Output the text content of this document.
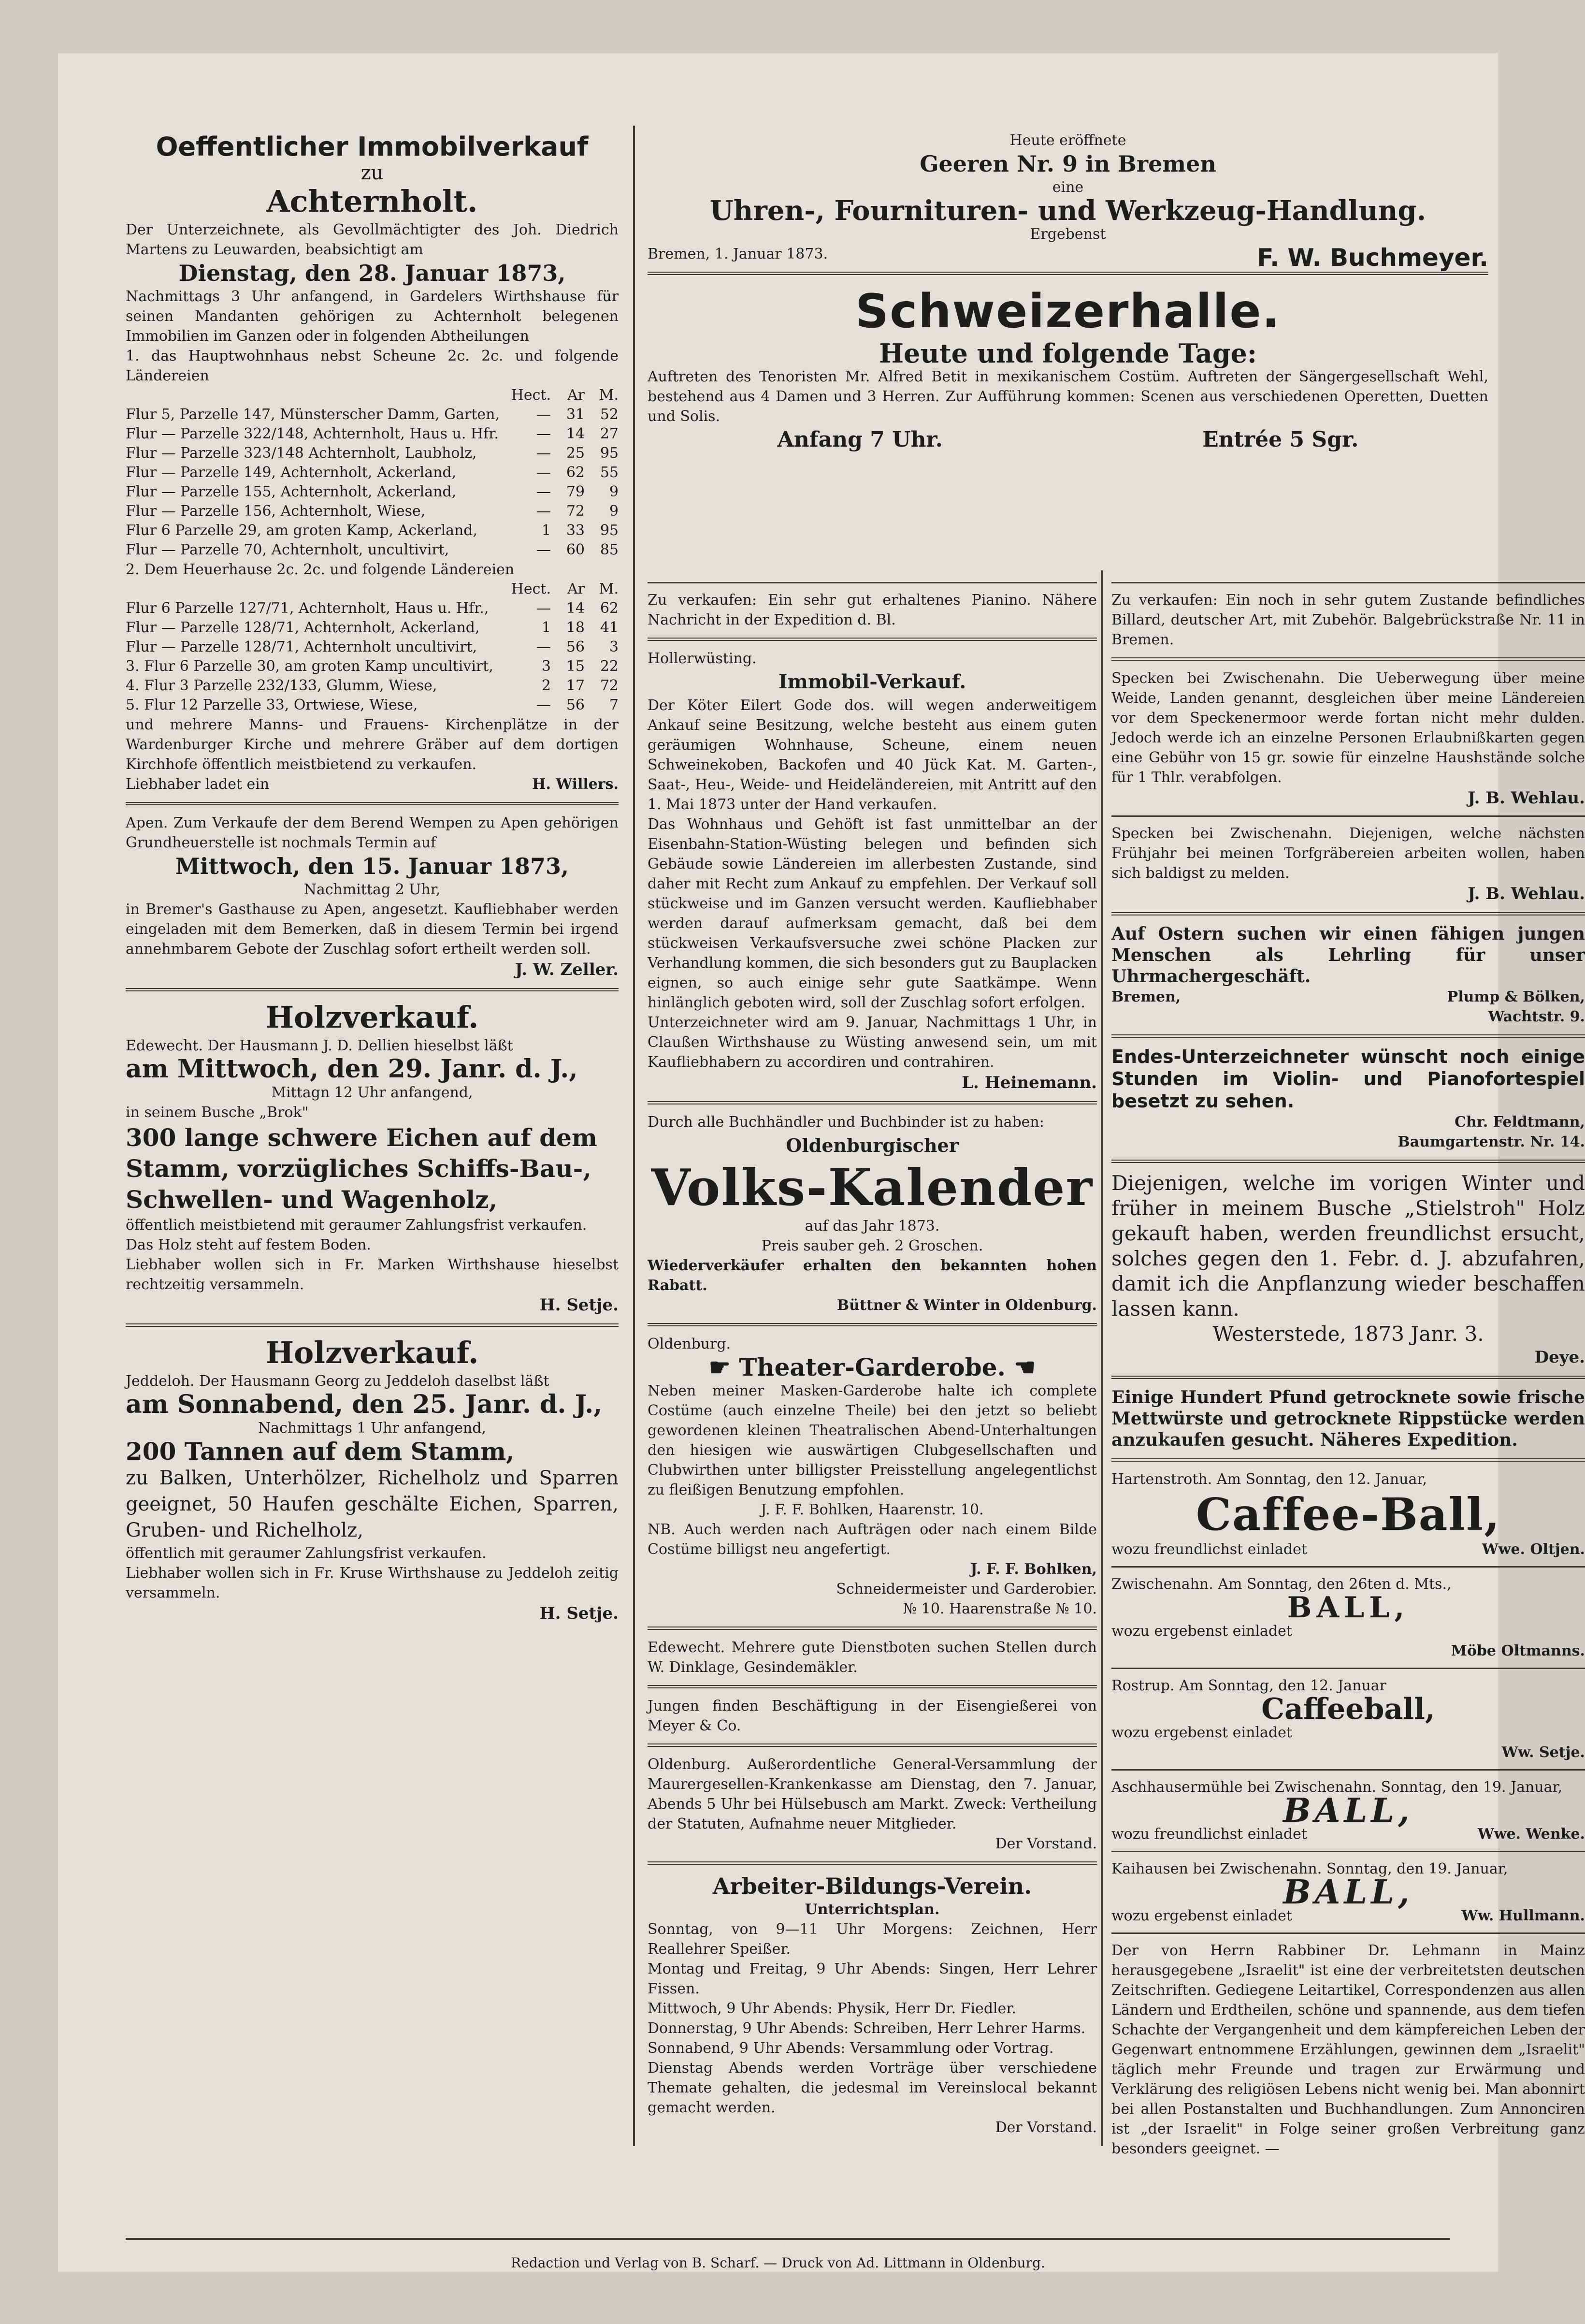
Oeffentlicher Immobilverkauf

zu

Achternholt.

Der Unterzeichnete, als Gevollmächtigter des Joh. Diedrich Martens zu Leuwarden, beabsichtigt am

Dienstag, den 28. Januar 1873,

Nachmittags 3 Uhr anfangend, in Gardelers Wirthshause für seinen Mandanten gehörigen zu Achternholt belegenen Immobilien im Ganzen oder in folgenden Abtheilungen

1. das Hauptwohnhaus nebst Scheune 2c. 2c. und folgende Ländereien

	Hect.	Ar	M.
Flur 5, Parzelle 147, Münsterscher Damm, Garten,	—	31	52
Flur — Parzelle 322/148, Achternholt, Haus u. Hfr.	—	14	27
Flur — Parzelle 323/148 Achternholt, Laubholz,	—	25	95
Flur — Parzelle 149, Achternholt, Ackerland,	—	62	55
Flur — Parzelle 155, Achternholt, Ackerland,	—	79	9
Flur — Parzelle 156, Achternholt, Wiese,	—	72	9
Flur 6 Parzelle 29, am groten Kamp, Ackerland,	1	33	95
Flur — Parzelle 70, Achternholt, uncultivirt,	—	60	85

2. Dem Heuerhause 2c. 2c. und folgende Ländereien

	Hect.	Ar	M.
Flur 6 Parzelle 127/71, Achternholt, Haus u. Hfr.,	—	14	62
Flur — Parzelle 128/71, Achternholt, Ackerland,	1	18	41
Flur — Parzelle 128/71, Achternholt uncultivirt,	—	56	3
3. Flur 6 Parzelle 30, am groten Kamp uncultivirt,	3	15	22
4. Flur 3 Parzelle 232/133, Glumm, Wiese,	2	17	72
5. Flur 12 Parzelle 33, Ortwiese, Wiese,	—	56	7

und mehrere Manns- und Frauens- Kirchenplätze in der Wardenburger Kirche und mehrere Gräber auf dem dortigen Kirchhofe öffentlich meistbietend zu verkaufen.

Liebhaber ladet ein	H. Willers.

Apen. Zum Verkaufe der dem Berend Wempen zu Apen gehörigen Grundheuerstelle ist nochmals Termin auf

Mittwoch, den 15. Januar 1873,

Nachmittag 2 Uhr,

in Bremer's Gasthause zu Apen, angesetzt. Kaufliebhaber werden eingeladen mit dem Bemerken, daß in diesem Termin bei irgend annehmbarem Gebote der Zuschlag sofort ertheilt werden soll.

J. W. Zeller.

Holzverkauf.

Edewecht. Der Hausmann J. D. Dellien hieselbst läßt

am Mittwoch, den 29. Janr. d. J.,

Mittagn 12 Uhr anfangend,

in seinem Busche „Brok"

300 lange schwere Eichen auf dem Stamm, vorzügliches Schiffs-Bau-, Schwellen- und Wagenholz,

öffentlich meistbietend mit geraumer Zahlungsfrist verkaufen.

Das Holz steht auf festem Boden.

Liebhaber wollen sich in Fr. Marken Wirthshause hieselbst rechtzeitig versammeln.

H. Setje.

Holzverkauf.

Jeddeloh. Der Hausmann Georg zu Jeddeloh daselbst läßt

am Sonnabend, den 25. Janr. d. J.,

Nachmittags 1 Uhr anfangend,

200 Tannen auf dem Stamm,

zu Balken, Unterhölzer, Richelholz und Sparren geeignet, 50 Haufen geschälte Eichen, Sparren, Gruben- und Richelholz,

öffentlich mit geraumer Zahlungsfrist verkaufen.

Liebhaber wollen sich in Fr. Kruse Wirthshause zu Jeddeloh zeitig versammeln.

H. Setje.

Heute eröffnete

Geeren Nr. 9 in Bremen

eine

Uhren-, Fournituren- und Werkzeug-Handlung.

Ergebenst

Bremen, 1. Januar 1873.	F. W. Buchmeyer.

Schweizerhalle.

Heute und folgende Tage:

Auftreten des Tenoristen Mr. Alfred Betit in mexikanischem Costüm. Auftreten der Sängergesellschaft Wehl, bestehend aus 4 Damen und 3 Herren. Zur Aufführung kommen: Scenen aus verschiedenen Operetten, Duetten und Solis.

Anfang 7 Uhr.	Entrée 5 Sgr.

Zu verkaufen: Ein sehr gut erhaltenes Pianino. Nähere Nachricht in der Expedition d. Bl.

Hollerwüsting.

Immobil-Verkauf.

Der Köter Eilert Gode dos. will wegen anderweitigem Ankauf seine Besitzung, welche besteht aus einem guten geräumigen Wohnhause, Scheune, einem neuen Schweinekoben, Backofen und 40 Jück Kat. M. Garten-, Saat-, Heu-, Weide- und Heideländereien, mit Antritt auf den 1. Mai 1873 unter der Hand verkaufen.

Das Wohnhaus und Gehöft ist fast unmittelbar an der Eisenbahn-Station-Wüsting belegen und befinden sich Gebäude sowie Ländereien im allerbesten Zustande, sind daher mit Recht zum Ankauf zu empfehlen. Der Verkauf soll stückweise und im Ganzen versucht werden. Kaufliebhaber werden darauf aufmerksam gemacht, daß bei dem stückweisen Verkaufsversuche zwei schöne Placken zur Verhandlung kommen, die sich besonders gut zu Bauplacken eignen, so auch einige sehr gute Saatkämpe. Wenn hinlänglich geboten wird, soll der Zuschlag sofort erfolgen.

Unterzeichneter wird am 9. Januar, Nachmittags 1 Uhr, in Claußen Wirthshause zu Wüsting anwesend sein, um mit Kaufliebhabern zu accordiren und contrahiren.

L. Heinemann.

Durch alle Buchhändler und Buchbinder ist zu haben:

Oldenburgischer

Volks-Kalender

auf das Jahr 1873.

Preis sauber geh. 2 Groschen.

Wiederverkäufer erhalten den bekannten hohen Rabatt.

Büttner & Winter in Oldenburg.

Oldenburg.

☛ Theater-Garderobe. ☚

Neben meiner Masken-Garderobe halte ich complete Costüme (auch einzelne Theile) bei den jetzt so beliebt gewordenen kleinen Theatralischen Abend-Unterhaltungen den hiesigen wie auswärtigen Clubgesellschaften und Clubwirthen unter billigster Preisstellung angelegentlichst zu fleißigen Benutzung empfohlen.

J. F. F. Bohlken, Haarenstr. 10.

NB. Auch werden nach Aufträgen oder nach einem Bilde Costüme billigst neu angefertigt.

J. F. F. Bohlken,

Schneidermeister und Garderobier.

№ 10. Haarenstraße № 10.

Edewecht. Mehrere gute Dienstboten suchen Stellen durch W. Dinklage, Gesindemäkler.

Jungen finden Beschäftigung in der Eisengießerei von Meyer & Co.

Oldenburg. Außerordentliche General-Versammlung der Maurergesellen-Krankenkasse am Dienstag, den 7. Januar, Abends 5 Uhr bei Hülsebusch am Markt. Zweck: Vertheilung der Statuten, Aufnahme neuer Mitglieder.

Der Vorstand.

Arbeiter-Bildungs-Verein.

Unterrichtsplan.

Sonntag, von 9—11 Uhr Morgens: Zeichnen, Herr Reallehrer Speißer.

Montag und Freitag, 9 Uhr Abends: Singen, Herr Lehrer Fissen.

Mittwoch, 9 Uhr Abends: Physik, Herr Dr. Fiedler.

Donnerstag, 9 Uhr Abends: Schreiben, Herr Lehrer Harms.

Sonnabend, 9 Uhr Abends: Versammlung oder Vortrag.

Dienstag Abends werden Vorträge über verschiedene Themate gehalten, die jedesmal im Vereinslocal bekannt gemacht werden.

Der Vorstand.

Zu verkaufen: Ein noch in sehr gutem Zustande befindliches Billard, deutscher Art, mit Zubehör. Balgebrückstraße Nr. 11 in Bremen.

Specken bei Zwischenahn. Die Ueberwegung über meine Weide, Landen genannt, desgleichen über meine Ländereien vor dem Speckenermoor werde fortan nicht mehr dulden. Jedoch werde ich an einzelne Personen Erlaubnißkarten gegen eine Gebühr von 15 gr. sowie für einzelne Haushstände solche für 1 Thlr. verabfolgen.

J. B. Wehlau.

Specken bei Zwischenahn. Diejenigen, welche nächsten Frühjahr bei meinen Torfgräbereien arbeiten wollen, haben sich baldigst zu melden.

J. B. Wehlau.

Auf Ostern suchen wir einen fähigen jungen Menschen als Lehrling für unser Uhrmachergeschäft.

Bremen,	Plump & Bölken,

Wachtstr. 9.

Endes-Unterzeichneter wünscht noch einige Stunden im Violin- und Pianofortespiel besetzt zu sehen.

Chr. Feldtmann,

Baumgartenstr. Nr. 14.

Diejenigen, welche im vorigen Winter und früher in meinem Busche „Stielstroh" Holz gekauft haben, werden freundlichst ersucht, solches gegen den 1. Febr. d. J. abzufahren, damit ich die Anpflanzung wieder beschaffen lassen kann.

Westerstede, 1873 Janr. 3.

Deye.

Einige Hundert Pfund getrocknete sowie frische Mettwürste und getrocknete Rippstücke werden anzukaufen gesucht. Näheres Expedition.

Hartenstroth. Am Sonntag, den 12. Januar,

Caffee-Ball,

wozu freundlichst einladet	Wwe. Oltjen.

Zwischenahn. Am Sonntag, den 26ten d. Mts.,

BALL,

wozu ergebenst einladet

Möbe Oltmanns.

Rostrup. Am Sonntag, den 12. Januar

Caffeeball,

wozu ergebenst einladet

Ww. Setje.

Aschhausermühle bei Zwischenahn. Sonntag, den 19. Januar,

BALL,

wozu freundlichst einladet	Wwe. Wenke.

Kaihausen bei Zwischenahn. Sonntag, den 19. Januar,

BALL,

wozu ergebenst einladet	Ww. Hullmann.

Der von Herrn Rabbiner Dr. Lehmann in Mainz herausgegebene „Israelit" ist eine der verbreitetsten deutschen Zeitschriften. Gediegene Leitartikel, Correspondenzen aus allen Ländern und Erdtheilen, schöne und spannende, aus dem tiefen Schachte der Vergangenheit und dem kämpfereichen Leben der Gegenwart entnommene Erzählungen, gewinnen dem „Israelit" täglich mehr Freunde und tragen zur Erwärmung und Verklärung des religiösen Lebens nicht wenig bei. Man abonnirt bei allen Postanstalten und Buchhandlungen. Zum Annonciren ist „der Israelit" in Folge seiner großen Verbreitung ganz besonders geeignet. —

Redaction und Verlag von B. Scharf. — Druck von Ad. Littmann in Oldenburg.
